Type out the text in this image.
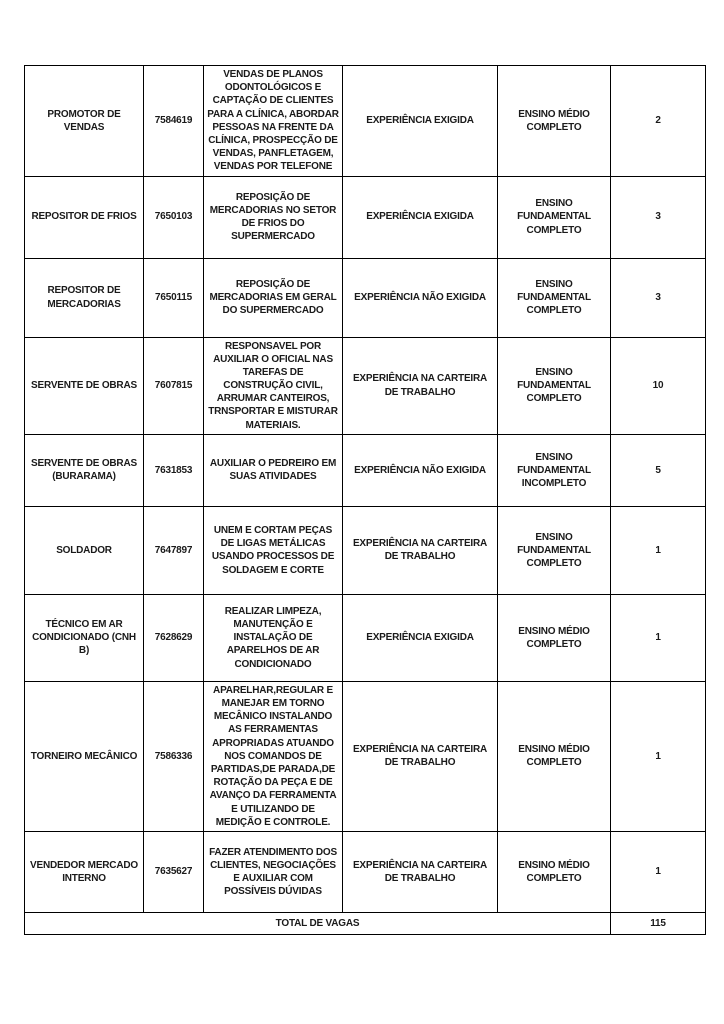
PROMOTOR DE VENDAS	7584619	VENDAS DE PLANOS ODONTOLÓGICOS E CAPTAÇÃO DE CLIENTES PARA A CLÍNICA, ABORDAR PESSOAS NA FRENTE DA CLÍNICA, PROSPECÇÃO DE VENDAS, PANFLETAGEM, VENDAS POR TELEFONE	EXPERIÊNCIA EXIGIDA	ENSINO MÉDIO COMPLETO	2
REPOSITOR DE FRIOS	7650103	REPOSIÇÃO DE MERCADORIAS NO SETOR DE FRIOS DO SUPERMERCADO	EXPERIÊNCIA EXIGIDA	ENSINO FUNDAMENTAL COMPLETO	3
REPOSITOR DE MERCADORIAS	7650115	REPOSIÇÃO DE MERCADORIAS EM GERAL DO SUPERMERCADO	EXPERIÊNCIA NÃO EXIGIDA	ENSINO FUNDAMENTAL COMPLETO	3
SERVENTE DE OBRAS	7607815	RESPONSAVEL POR AUXILIAR O OFICIAL NAS TAREFAS DE CONSTRUÇÃO CIVIL, ARRUMAR CANTEIROS, TRNSPORTAR E MISTURAR MATERIAIS.	EXPERIÊNCIA NA CARTEIRA DE TRABALHO	ENSINO FUNDAMENTAL COMPLETO	10
SERVENTE DE OBRAS (BURARAMA)	7631853	AUXILIAR O PEDREIRO EM SUAS ATIVIDADES	EXPERIÊNCIA NÃO EXIGIDA	ENSINO FUNDAMENTAL INCOMPLETO	5
SOLDADOR	7647897	UNEM E CORTAM PEÇAS DE LIGAS METÁLICAS USANDO PROCESSOS DE SOLDAGEM E CORTE	EXPERIÊNCIA NA CARTEIRA DE TRABALHO	ENSINO FUNDAMENTAL COMPLETO	1
TÉCNICO EM AR CONDICIONADO (CNH B)	7628629	REALIZAR LIMPEZA, MANUTENÇÃO E INSTALAÇÃO DE APARELHOS DE AR CONDICIONADO	EXPERIÊNCIA EXIGIDA	ENSINO MÉDIO COMPLETO	1
TORNEIRO MECÂNICO	7586336	APARELHAR,REGULAR E MANEJAR EM TORNO MECÂNICO INSTALANDO AS FERRAMENTAS APROPRIADAS ATUANDO NOS COMANDOS DE PARTIDAS,DE PARADA,DE ROTAÇÃO DA PEÇA E DE AVANÇO DA FERRAMENTA E UTILIZANDO DE MEDIÇÃO E CONTROLE.	EXPERIÊNCIA NA CARTEIRA DE TRABALHO	ENSINO MÉDIO COMPLETO	1
VENDEDOR MERCADO INTERNO	7635627	FAZER ATENDIMENTO DOS CLIENTES, NEGOCIAÇÕES E AUXILIAR COM POSSÍVEIS DÚVIDAS	EXPERIÊNCIA NA CARTEIRA DE TRABALHO	ENSINO MÉDIO COMPLETO	1
TOTAL DE VAGAS					115
